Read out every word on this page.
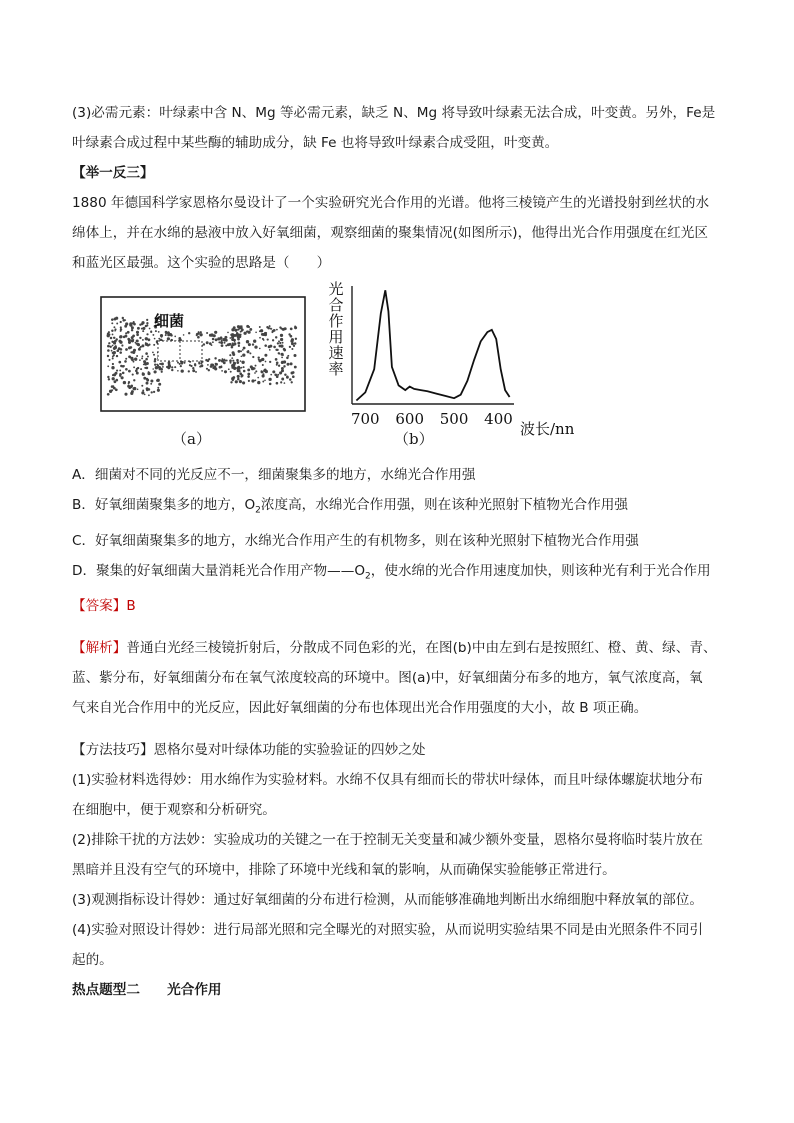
(3)必需元素：叶绿素中含 N、Mg 等必需元素，缺乏 N、Mg 将导致叶绿素无法合成，叶变黄。另外，Fe是

叶绿素合成过程中某些酶的辅助成分，缺 Fe 也将导致叶绿素合成受阻，叶变黄。

【举一反三】

1880 年德国科学家恩格尔曼设计了一个实验研究光合作用的光谱。他将三棱镜产生的光谱投射到丝状的水

绵体上，并在水绵的悬液中放入好氧细菌，观察细菌的聚集情况(如图所示)，他得出光合作用强度在红光区

和蓝光区最强。这个实验的思路是（　　）

细菌
（a）
光
合
作
用
速
率
700 600 500 400
波长/nn
（b）

A．细菌对不同的光反应不一，细菌聚集多的地方，水绵光合作用强

B．好氧细菌聚集多的地方，$O_2$浓度高，水绵光合作用强，则在该种光照射下植物光合作用强

C．好氧细菌聚集多的地方，水绵光合作用产生的有机物多，则在该种光照射下植物光合作用强

D．聚集的好氧细菌大量消耗光合作用产物$——O_2$，使水绵的光合作用速度加快，则该种光有利于光合作用

【答案】B

【解析】普通白光经三棱镜折射后，分散成不同色彩的光，在图(b)中由左到右是按照红、橙、黄、绿、青、

蓝、紫分布，好氧细菌分布在氧气浓度较高的环境中。图(a)中，好氧细菌分布多的地方，氧气浓度高，氧

气来自光合作用中的光反应，因此好氧细菌的分布也体现出光合作用强度的大小，故 B 项正确。

【方法技巧】恩格尔曼对叶绿体功能的实验验证的四妙之处

(1)实验材料选得妙：用水绵作为实验材料。水绵不仅具有细而长的带状叶绿体，而且叶绿体螺旋状地分布

在细胞中，便于观察和分析研究。

(2)排除干扰的方法妙：实验成功的关键之一在于控制无关变量和减少额外变量，恩格尔曼将临时装片放在

黑暗并且没有空气的环境中，排除了环境中光线和氧的影响，从而确保实验能够正常进行。

(3)观测指标设计得妙：通过好氧细菌的分布进行检测，从而能够准确地判断出水绵细胞中释放氧的部位。

(4)实验对照设计得妙：进行局部光照和完全曝光的对照实验，从而说明实验结果不同是由光照条件不同引

起的。

热点题型二　　光合作用
